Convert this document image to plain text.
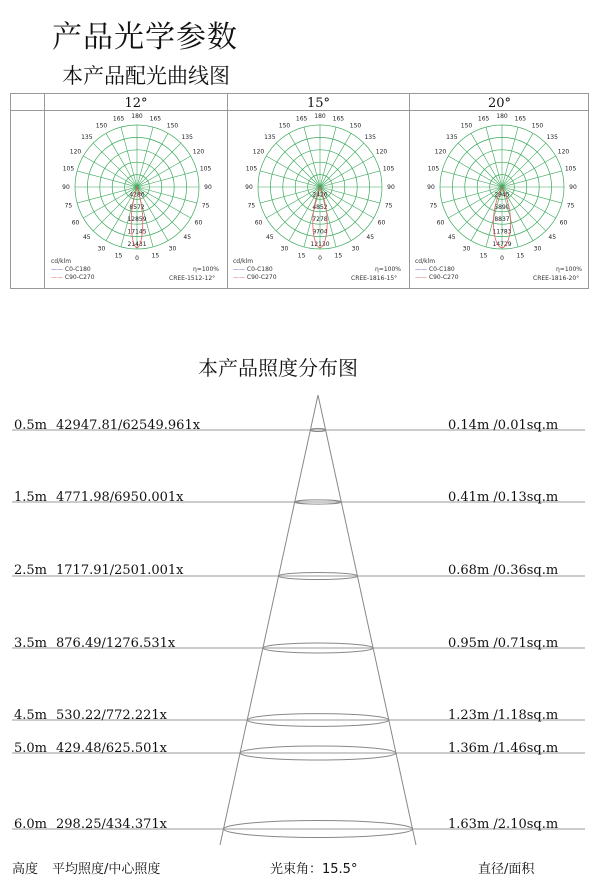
产品光学参数
本产品配光曲线图
12°	15°	20°
180
165
150
135
120
105
90
75
60
45
30
15 0 15
30
45
60
75
90
105
120
135
150
165
4286
8572
12859
17145
21431
180
165
150
135
120
105
90
75
60
45
30
15 0 15
30
45
60
75
90
105
120
135
150
165
2426
4852
7278
9704
12130
180
165
150
135
120
105
90
75
60
45
30
15 0 15
30
45
60
75
90
105
120
135
150
165
2945
5890
8837
11783
14729
cd/klm
—— C0-C180
—— C90-C270
η=100%
CREE-1512-12°
cd/klm
—— C0-C180
—— C90-C270
η=100%
CREE-1816-15°
cd/klm
—— C0-C180
—— C90-C270
η=100%
CREE-1816-20°
本产品照度分布图
0.5m 42947.81/62549.961x	0.14m /0.01sq.m
1.5m 4771.98/6950.001x	0.41m /0.13sq.m
2.5m 1717.91/2501.001x	0.68m /0.36sq.m
3.5m 876.49/1276.531x	0.95m /0.71sq.m
4.5m 530.22/772.221x	1.23m /1.18sq.m
5.0m 429.48/625.501x	1.36m /1.46sq.m
6.0m 298.25/434.371x	1.63m /2.10sq.m
高度 平均照度/中心照度	光束角：15.5°	直径/面积
